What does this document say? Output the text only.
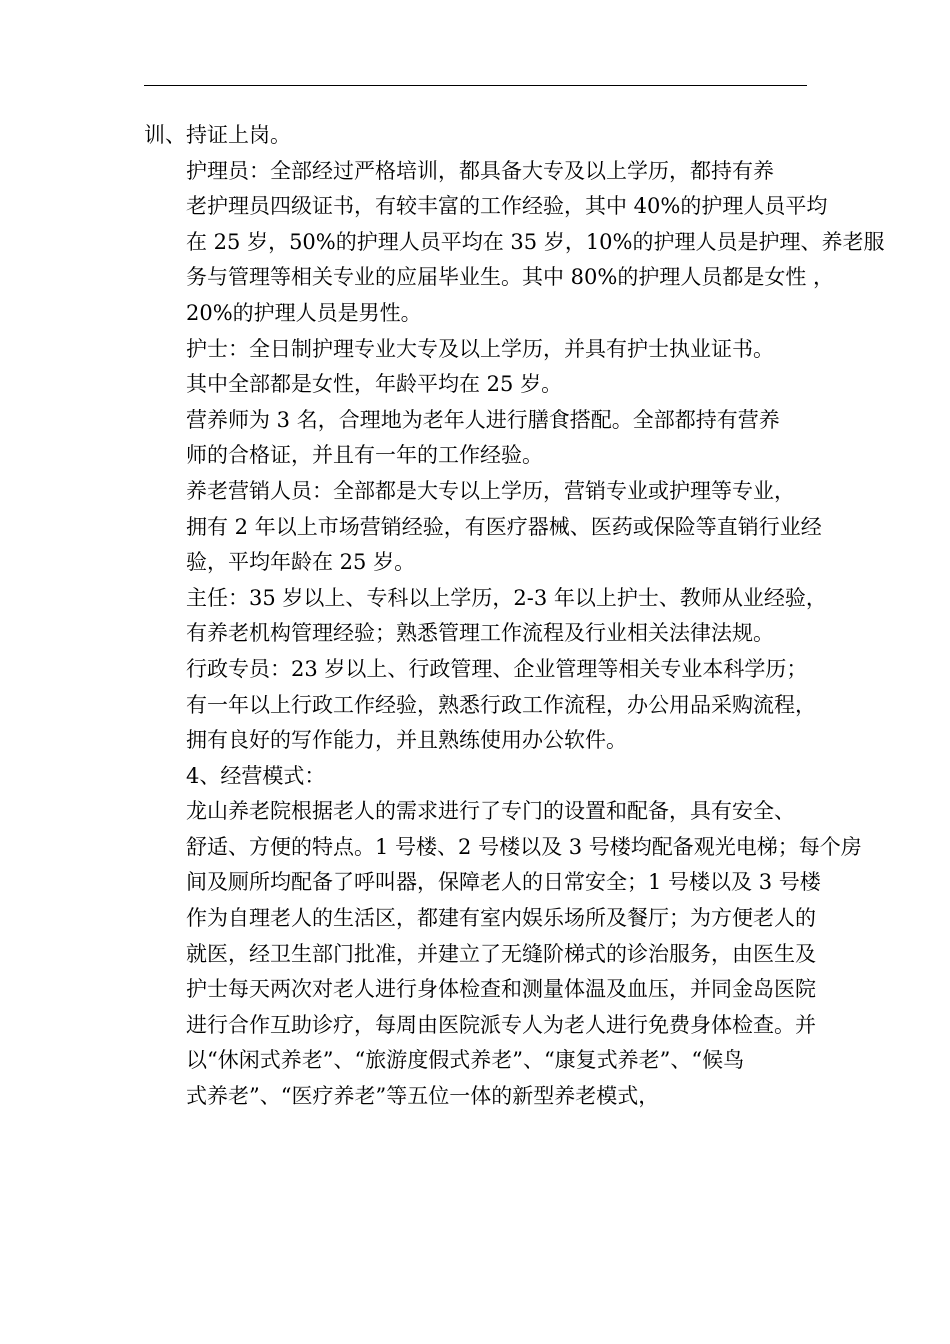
训、持证上岗。

护理员：全部经过严格培训，都具备大专及以上学历，都持有养
老护理员四级证书，有较丰富的工作经验，其中 40%的护理人员平均
在 25 岁，50%的护理人员平均在 35 岁，10%的护理人员是护理、养老服
务与管理等相关专业的应届毕业生。其中 80%的护理人员都是女性 ，
20%的护理人员是男性。

护士：全日制护理专业大专及以上学历，并具有护士执业证书。
其中全部都是女性，年龄平均在 25 岁。

营养师为 3 名，合理地为老年人进行膳食搭配。全部都持有营养
师的合格证，并且有一年的工作经验。

养老营销人员：全部都是大专以上学历，营销专业或护理等专业，
拥有 2 年以上市场营销经验，有医疗器械、医药或保险等直销行业经
验，平均年龄在 25 岁。

主任：35 岁以上、专科以上学历，2-3 年以上护士、教师从业经验，
有养老机构管理经验；熟悉管理工作流程及行业相关法律法规。

行政专员：23 岁以上、行政管理、企业管理等相关专业本科学历；
有一年以上行政工作经验，熟悉行政工作流程，办公用品采购流程，
拥有良好的写作能力，并且熟练使用办公软件。

4、经营模式：

龙山养老院根据老人的需求进行了专门的设置和配备，具有安全、
舒适、方便的特点。1 号楼、2 号楼以及 3 号楼均配备观光电梯；每个房
间及厕所均配备了呼叫器，保障老人的日常安全；1 号楼以及 3 号楼
作为自理老人的生活区，都建有室内娱乐场所及餐厅；为方便老人的
就医，经卫生部门批准，并建立了无缝阶梯式的诊治服务，由医生及
护士每天两次对老人进行身体检查和测量体温及血压，并同金岛医院
进行合作互助诊疗，每周由医院派专人为老人进行免费身体检查。并
以“休闲式养老”、“旅游度假式养老”、“康复式养老”、“候鸟
式养老”、“医疗养老”等五位一体的新型养老模式，
